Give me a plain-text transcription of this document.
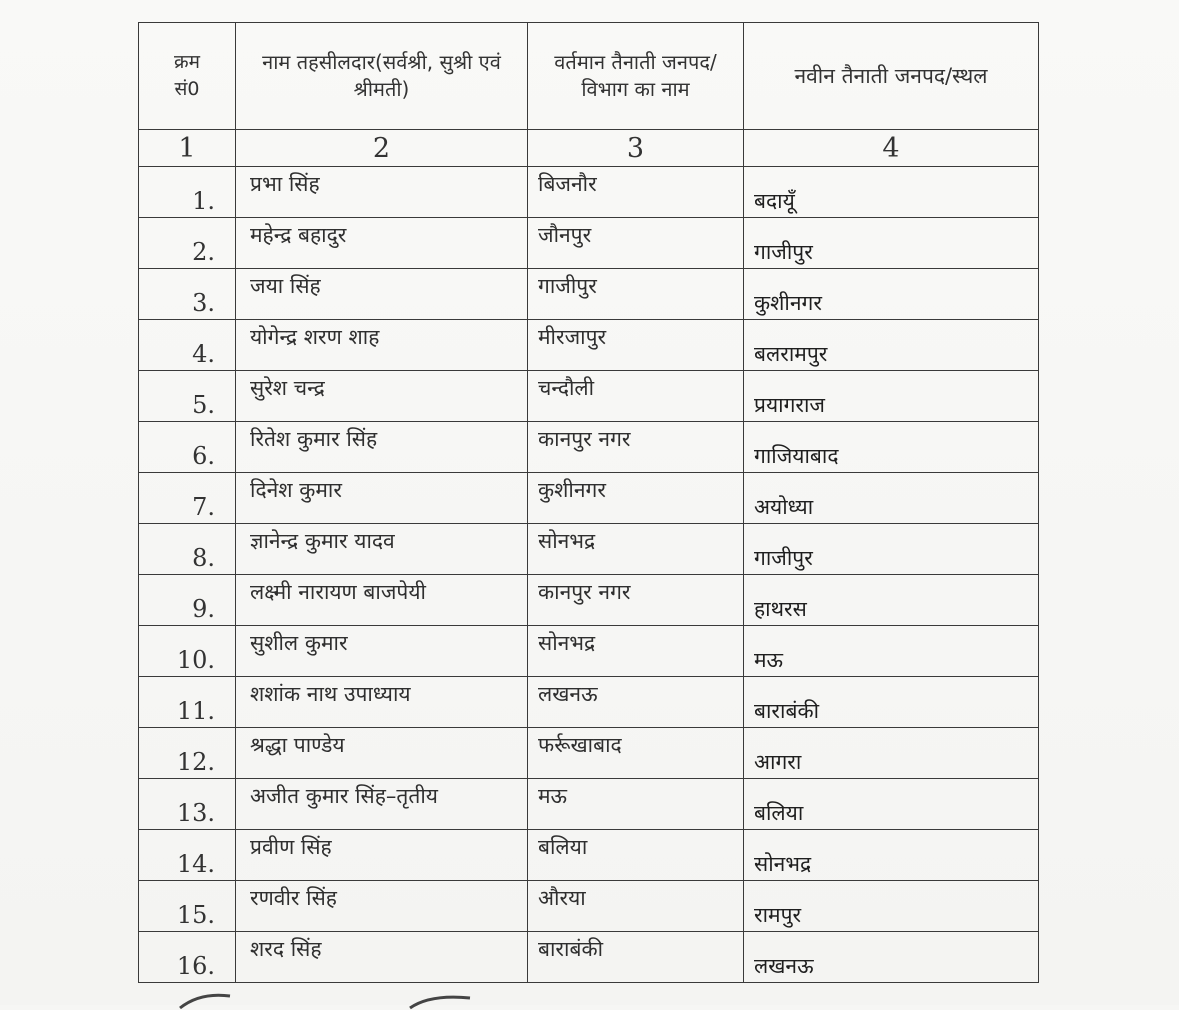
क्रम सं0	नाम तहसीलदार(सर्वश्री, सुश्री एवं श्रीमती)	वर्तमान तैनाती जनपद/विभाग का नाम	नवीन तैनाती जनपद/स्थल
1	2	3	4

1.	प्रभा सिंह	बिजनौर	बदायूँ

2.	महेन्द्र बहादुर	जौनपुर	गाजीपुर

3.	जया सिंह	गाजीपुर	कुशीनगर

4.	योगेन्द्र शरण शाह	मीरजापुर	बलरामपुर

5.	सुरेश चन्द्र	चन्दौली	प्रयागराज

6.	रितेश कुमार सिंह	कानपुर नगर	गाजियाबाद

7.	दिनेश कुमार	कुशीनगर	अयोध्या

8.	ज्ञानेन्द्र कुमार यादव	सोनभद्र	गाजीपुर

9.	लक्ष्मी नारायण बाजपेयी	कानपुर नगर	हाथरस

10.	सुशील कुमार	सोनभद्र	मऊ

11.	शशांक नाथ उपाध्याय	लखनऊ	बाराबंकी

12.	श्रद्धा पाण्डेय	फर्रूखाबाद	आगरा

13.	अजीत कुमार सिंह–तृतीय	मऊ	बलिया

14.	प्रवीण सिंह	बलिया	सोनभद्र

15.	रणवीर सिंह	औरया	रामपुर

16.	शरद सिंह	बाराबंकी	लखनऊ
